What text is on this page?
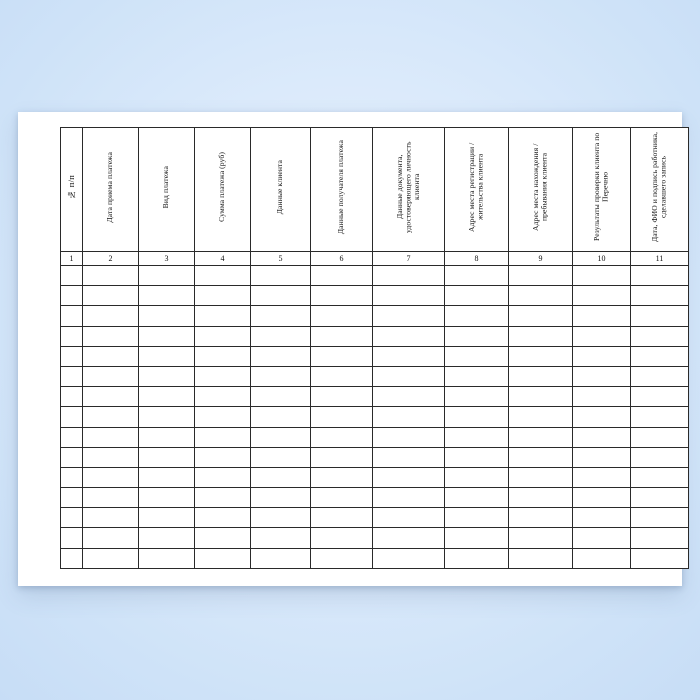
№ п/п	Дата приема платежа	Вид платежа	Сумма платежа (руб)	Данные клиента	Данные получателя платежа	Данные документа, удостоверяющего личность клиента	Адрес места регистрации / жительства клиента	Адрес места нахождения / пребывания клиента	Результаты проверки клиента по Перечню	Дата, ФИО и подпись работника, сделавшего запись
1	2	3	4	5	6	7	8	9	10	11
